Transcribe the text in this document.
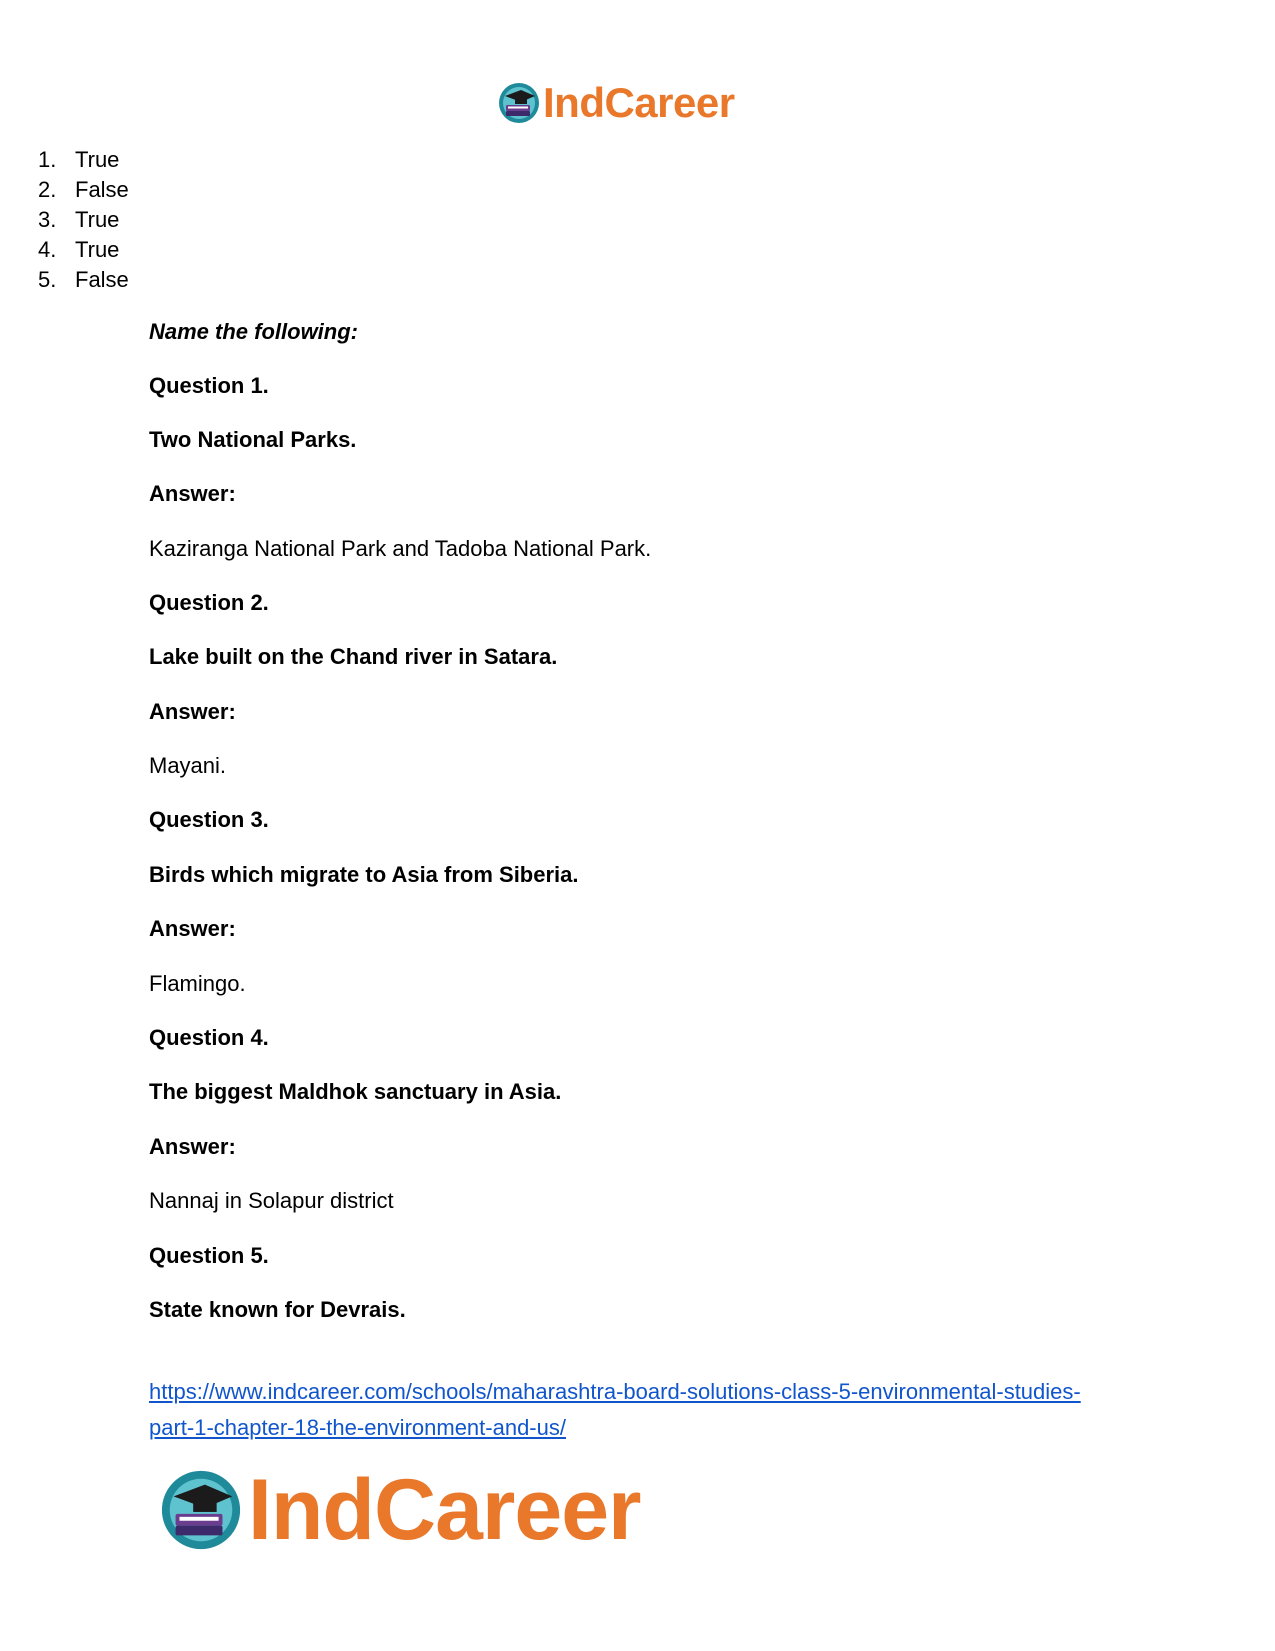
IndCareer
1. True
2. False
3. True
4. True
5. False
Name the following:
Question 1.
Two National Parks.
Answer:
Kaziranga National Park and Tadoba National Park.
Question 2.
Lake built on the Chand river in Satara.
Answer:
Mayani.
Question 3.
Birds which migrate to Asia from Siberia.
Answer:
Flamingo.
Question 4.
The biggest Maldhok sanctuary in Asia.
Answer:
Nannaj in Solapur district
Question 5.
State known for Devrais.
https://www.indcareer.com/schools/maharashtra-board-solutions-class-5-environmental-studies-
part-1-chapter-18-the-environment-and-us/
IndCareer
